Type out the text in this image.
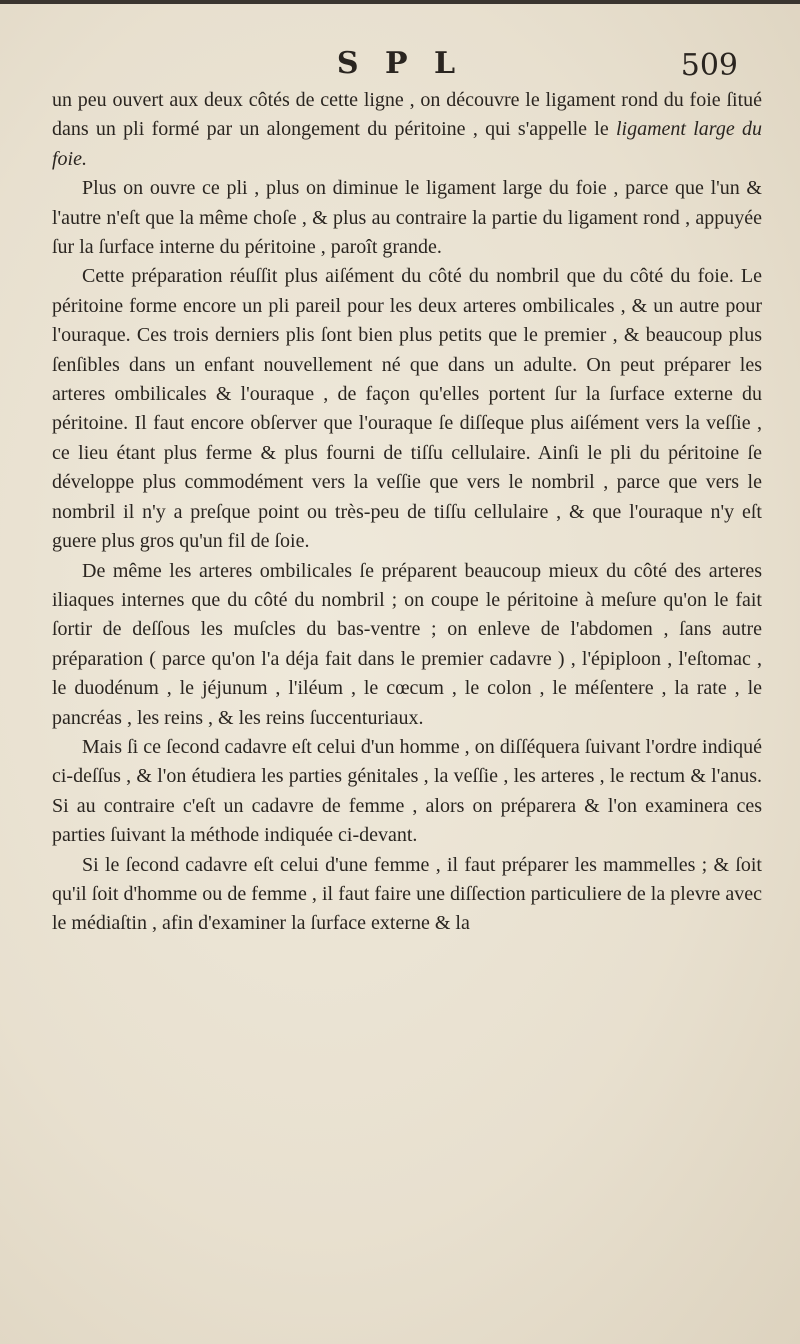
S P L	509

un peu ouvert aux deux côtés de cette ligne , on découvre le ligament rond du foie ſitué dans un pli formé par un alongement du péritoine , qui s'appelle le ligament large du foie.

Plus on ouvre ce pli , plus on diminue le ligament large du foie , parce que l'un & l'autre n'eſt que la même choſe , & plus au contraire la partie du ligament rond , appuyée ſur la ſurface interne du péritoine , paroît grande.

Cette préparation réuſſit plus aiſément du côté du nombril que du côté du foie. Le péritoine forme encore un pli pareil pour les deux arteres ombilicales , & un autre pour l'ouraque. Ces trois derniers plis ſont bien plus petits que le premier , & beaucoup plus ſenſibles dans un enfant nouvellement né que dans un adulte. On peut préparer les arteres ombilicales & l'ouraque , de façon qu'elles portent ſur la ſurface externe du péritoine. Il faut encore obſerver que l'ouraque ſe diſſeque plus aiſément vers la veſſie , ce lieu étant plus ferme & plus fourni de tiſſu cellulaire. Ainſi le pli du péritoine ſe développe plus commodément vers la veſſie que vers le nombril , parce que vers le nombril il n'y a preſque point ou très-peu de tiſſu cellulaire , & que l'ouraque n'y eſt guere plus gros qu'un fil de ſoie.

De même les arteres ombilicales ſe préparent beaucoup mieux du côté des arteres iliaques internes que du côté du nombril ; on coupe le péritoine à meſure qu'on le fait ſortir de deſſous les muſcles du bas-ventre ; on enleve de l'abdomen , ſans autre préparation ( parce qu'on l'a déja fait dans le premier cadavre ) , l'épiploon , l'eſtomac , le duodénum , le jéjunum , l'iléum , le cœcum , le colon , le méſentere , la rate , le pancréas , les reins , & les reins ſuccenturiaux.

Mais ſi ce ſecond cadavre eſt celui d'un homme , on diſſéquera ſuivant l'ordre indiqué ci-deſſus , & l'on étudiera les parties génitales , la veſſie , les arteres , le rectum & l'anus. Si au contraire c'eſt un cadavre de femme , alors on préparera & l'on examinera ces parties ſuivant la méthode indiquée ci-devant.

Si le ſecond cadavre eſt celui d'une femme , il faut préparer les mammelles ; & ſoit qu'il ſoit d'homme ou de femme , il faut faire une diſſection particuliere de la plevre avec le médiaſtin , afin d'examiner la ſurface externe & la
